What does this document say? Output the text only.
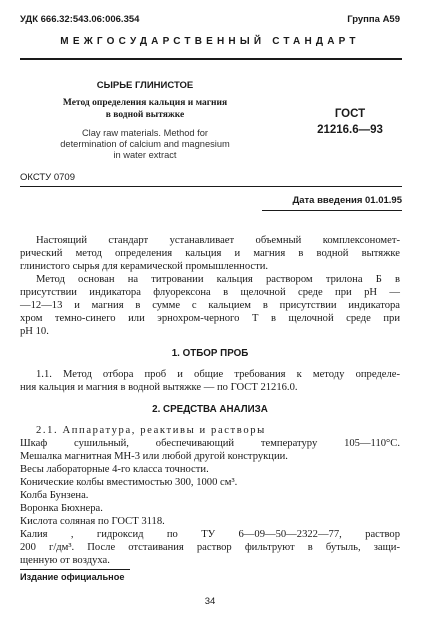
УДК 666.32:543.06:006.354	Группа А59
МЕЖГОСУДАРСТВЕННЫЙ СТАНДАРТ
СЫРЬЕ ГЛИНИСТОЕ
Метод определения кальция и магния
в водной вытяжке
Clay raw materials. Method for
determination of calcium and magnesium
in water extract
ГОСТ
21216.6—93
ОКСТУ 0709
Дата введения 01.01.95
Настоящий стандарт устанавливает объемный комплексономет-
рический метод определения кальция и магния в водной вытяжке
глинистого сырья для керамической промышленности.
Метод основан на титровании кальция раствором трилона Б в
присутствии индикатора флуорексона в щелочной среде при pH —
—12—13 и магния в сумме с кальцием в присутствии индикатора
хром темно-синего или эрнохром-черного Т в щелочной среде при
pH 10.
1. ОТБОР ПРОБ
1.1. Метод отбора проб и общие требования к методу определе-
ния кальция и магния в водной вытяжке — по ГОСТ 21216.0.
2. СРЕДСТВА АНАЛИЗА
2.1. Аппаратура, реактивы и растворы
Шкаф сушильный, обеспечивающий температуру 105—110°С.
Мешалка магнитная МН-3 или любой другой конструкции.
Весы лабораторные 4-го класса точности.
Конические колбы вместимостью 300, 1000 см³.
Колба Бунзена.
Воронка Бюхнера.
Кислота соляная по ГОСТ 3118.
Калия , гидроксид по ТУ 6—09—50—2322—77, раствор
200 г/дм³. После отстаивания раствор фильтруют в бутыль, защи-
щенную от воздуха.
Издание официальное
34
